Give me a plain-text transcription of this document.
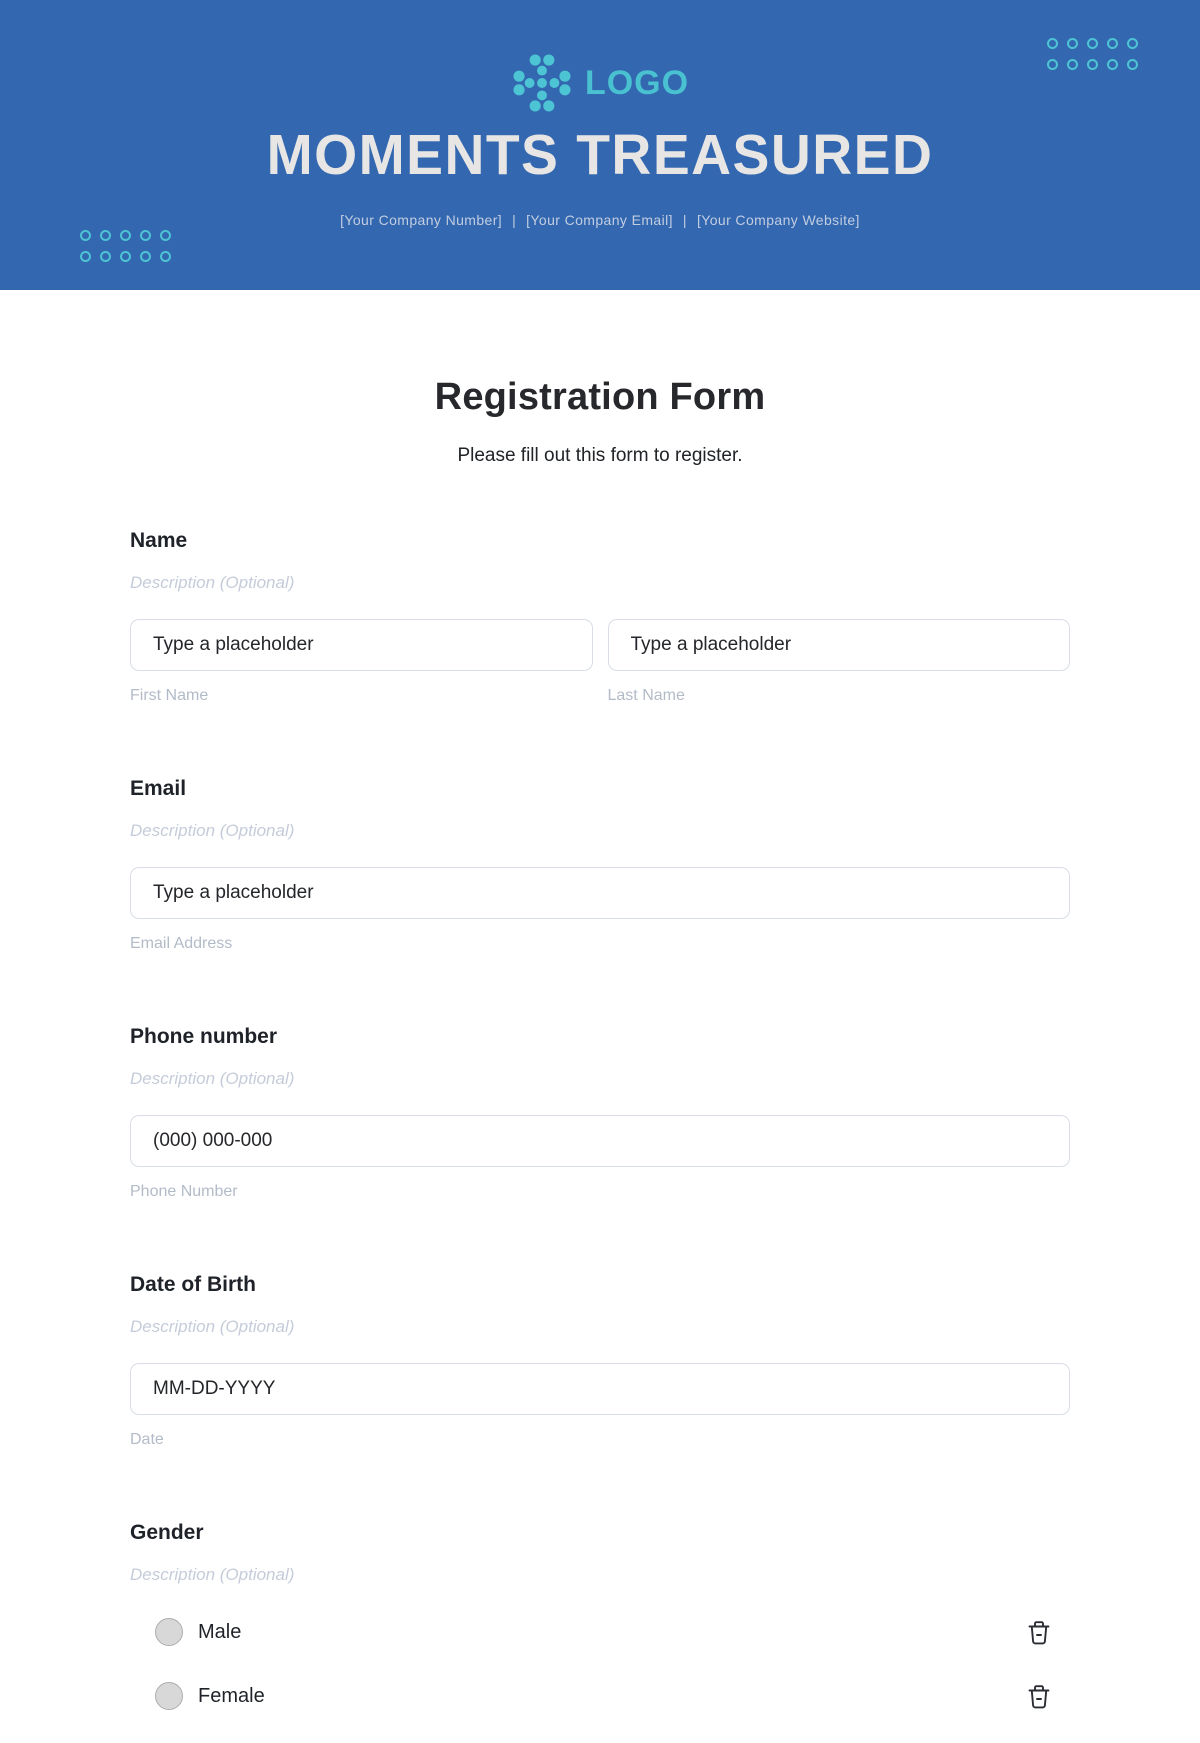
LOGO
MOMENTS TREASURED
[Your Company Number] | [Your Company Email] | [Your Company Website]
Registration Form

Please fill out this form to register.

Name
Description (Optional)
Type a placeholder
First Name
Type a placeholder	Last Name
Email
Description (Optional)
Type a placeholder
Email Address
Phone number
Description (Optional)
(000) 000-000
Phone Number
Date of Birth
Description (Optional)
MM-DD-YYYY
Date
Gender
Description (Optional)
Male
Female
